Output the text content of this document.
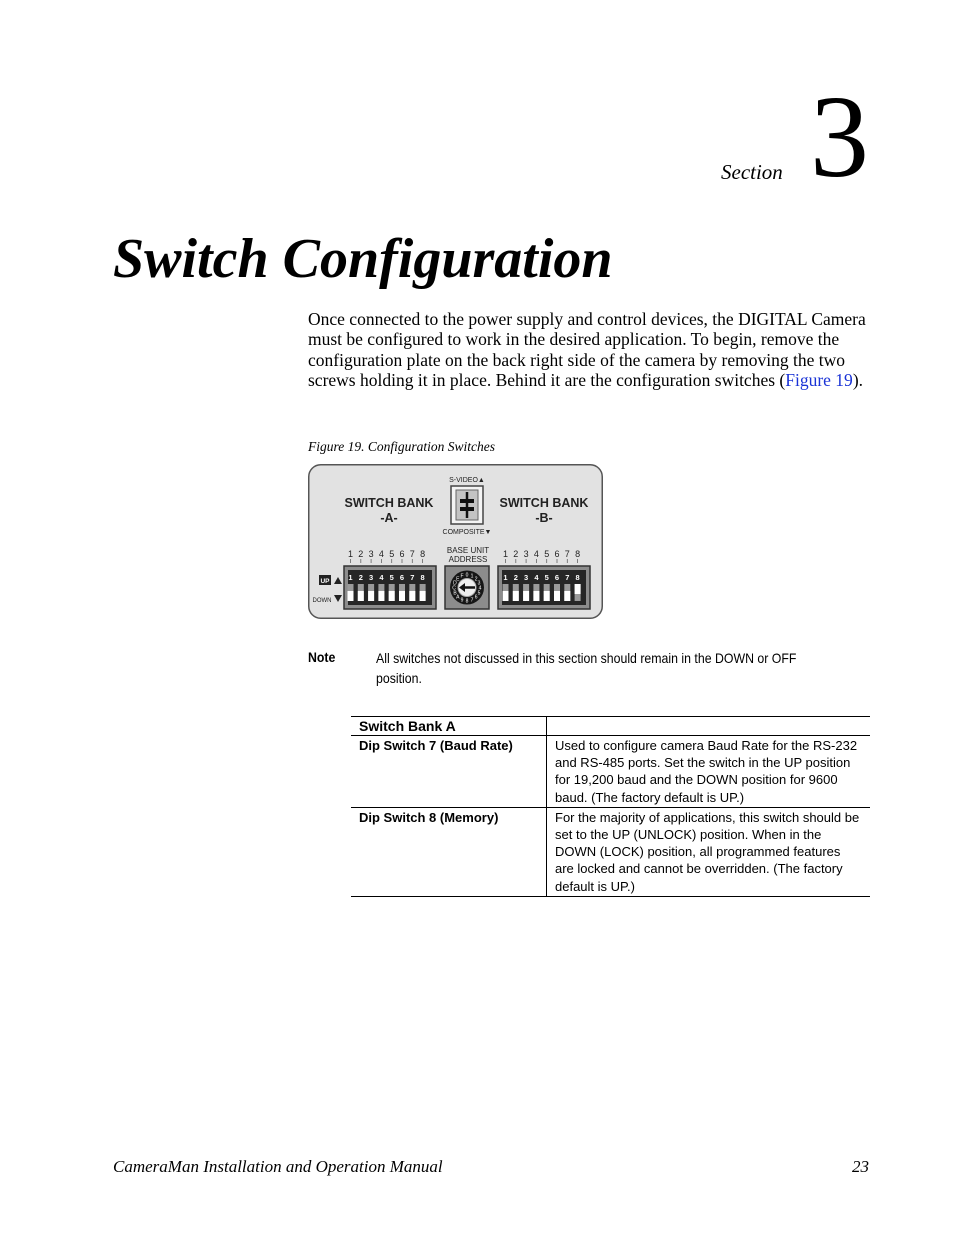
Section 3
Switch Configuration

Once connected to the power supply and control devices, the DIGITAL Camera must be configured to work in the desired application. To begin, remove the configuration plate on the back right side of the camera by removing the two screws holding it in place. Behind it are the configuration switches (Figure 19).

Figure 19. Configuration Switches
SWITCH BANK
-A-
SWITCH BANK
-B-
S-VIDEO▲
COMPOSITE▼
BASE UNIT
ADDRESS
0 1 2
3
4
5
6
7
8
9
A
B
C
D
E F
UP
DOWN
1 2 3 4 5 6 7 8
1 2 3 4 5 6 7 8
1 2 3 4 5 6 7 8
1 2 3 4 5 6 7 8
Note	All switches not discussed in this section should remain in the DOWN or OFF position.

Switch Bank A	
Dip Switch 7 (Baud Rate)	Used to configure camera Baud Rate for the RS-232 and RS-485 ports. Set the switch in the UP position for 19,200 baud and the DOWN position for 9600 baud. (The factory default is UP.)
Dip Switch 8 (Memory)	For the majority of applications, this switch should be set to the UP (UNLOCK) position. When in the DOWN (LOCK) position, all programmed features are locked and cannot be overridden. (The factory default is UP.)
CameraMan Installation and Operation Manual	23
